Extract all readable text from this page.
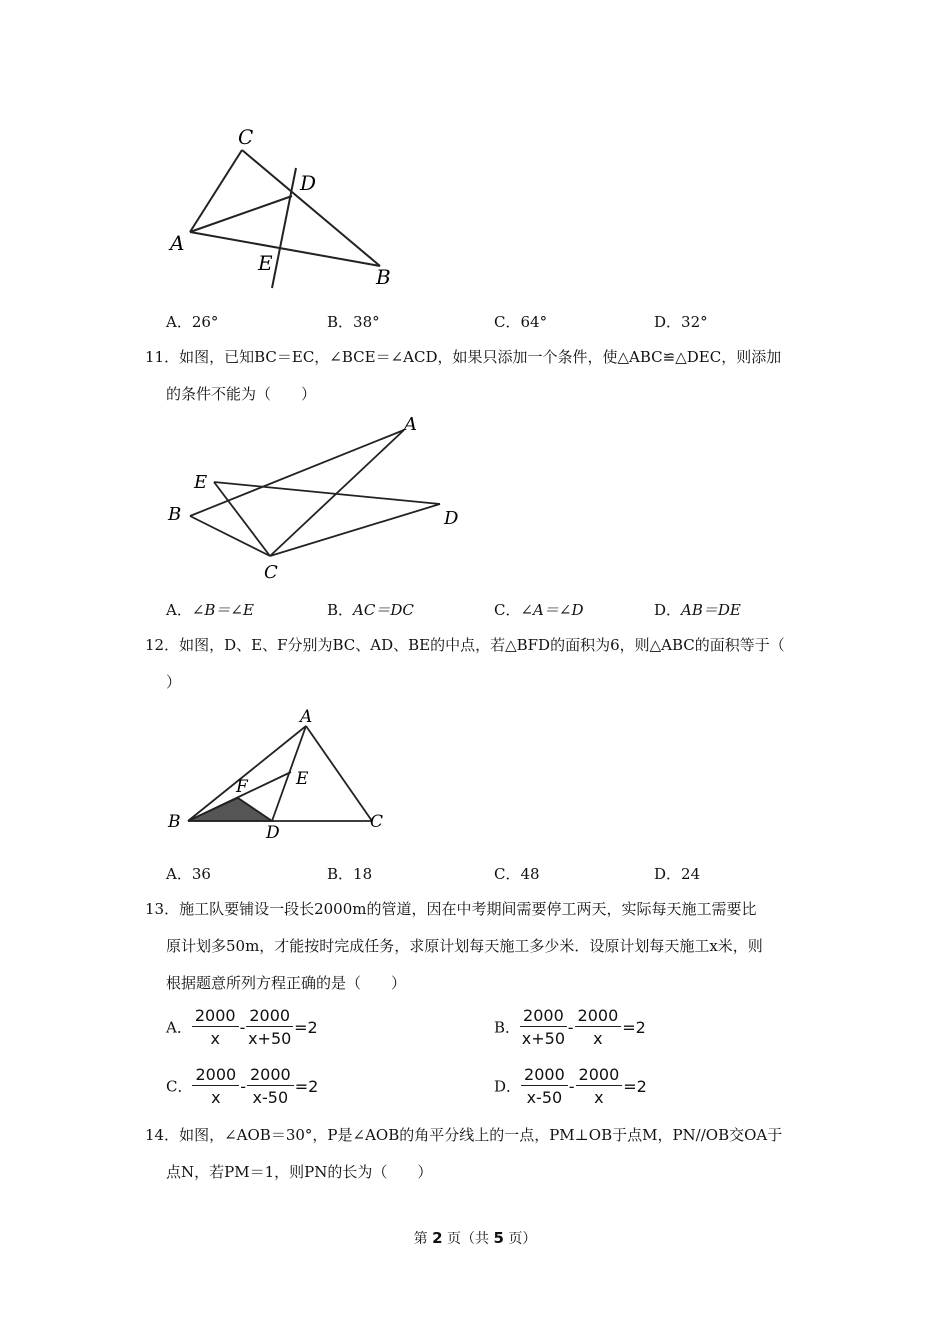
C
D
A
E
B
A．26°	B．38°	C．64°	D．32°
11．如图，已知BC＝EC，∠BCE＝∠ACD，如果只添加一个条件，使△ABC≌△DEC，则添加
的条件不能为（　　）
A
E
B	D
C
A．∠B＝∠E	B．AC＝DC	C．∠A＝∠D	D．AB＝DE
12．如图，D、E、F分别为BC、AD、BE的中点，若△BFD的面积为6，则△ABC的面积等于（
）
A
F	E
B
D
C
A．36	B．18	C．48	D．24
13．施工队要铺设一段长2000m的管道，因在中考期间需要停工两天，实际每天施工需要比
原计划多50m，才能按时完成任务，求原计划每天施工多少米．设原计划每天施工x米，则
根据题意所列方程正确的是（　　）
A． $\frac{2000}{x} - \frac{2000}{x+50} =2$	B． $\frac{2000}{x+50} - \frac{2000}{x} =2$
C． $\frac{2000}{x} - \frac{2000}{x-50} =2$	D． $\frac{2000}{x-50} - \frac{2000}{x} =2$
14．如图，∠AOB＝30°，P是∠AOB的角平分线上的一点，PM⊥OB于点M，PN//OB交OA于
点N，若PM＝1，则PN的长为（　　）
第 2 页（共 5 页）
